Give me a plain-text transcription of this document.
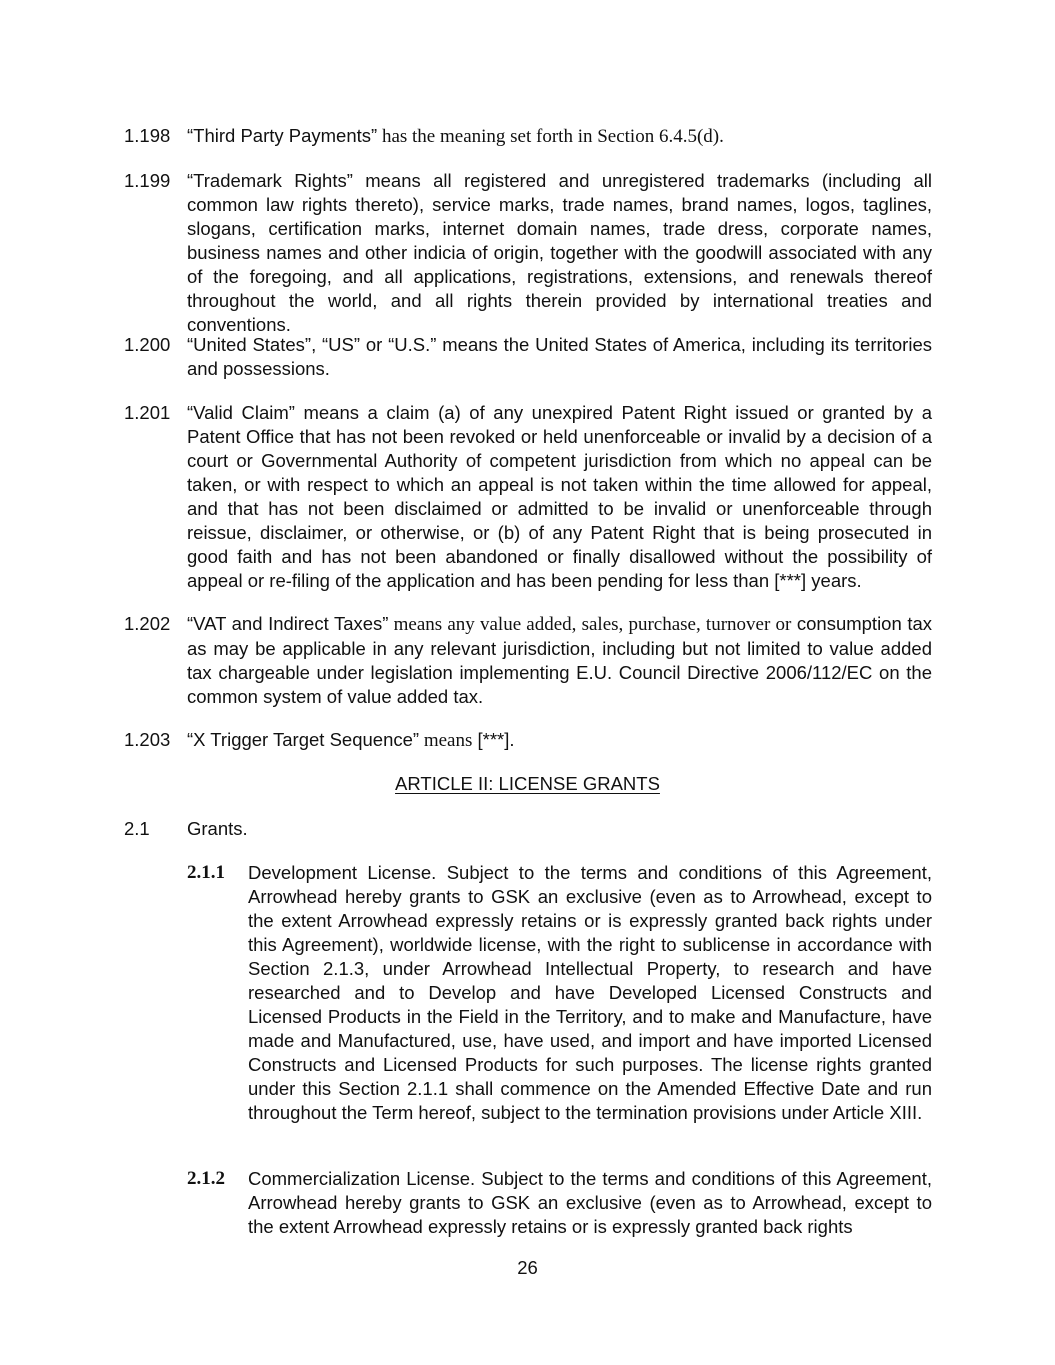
1.198 “Third Party Payments” has the meaning set forth in Section 6.4.5(d).
1.199 “Trademark Rights” means all registered and unregistered trademarks (including all common law rights thereto), service marks, trade names, brand names, logos, taglines, slogans, certification marks, internet domain names, trade dress, corporate names, business names and other indicia of origin, together with the goodwill associated with any of the foregoing, and all applications, registrations, extensions, and renewals thereof throughout the world, and all rights therein provided by international treaties and conventions.
1.200 “United States”, “US” or “U.S.” means the United States of America, including its territories and possessions.
1.201 “Valid Claim” means a claim (a) of any unexpired Patent Right issued or granted by a Patent Office that has not been revoked or held unenforceable or invalid by a decision of a court or Governmental Authority of competent jurisdiction from which no appeal can be taken, or with respect to which an appeal is not taken within the time allowed for appeal, and that has not been disclaimed or admitted to be invalid or unenforceable through reissue, disclaimer, or otherwise, or (b) of any Patent Right that is being prosecuted in good faith and has not been abandoned or finally disallowed without the possibility of appeal or re-filing of the application and has been pending for less than [***] years.
1.202 “VAT and Indirect Taxes” means any value added, sales, purchase, turnover or consumption tax as may be applicable in any relevant jurisdiction, including but not limited to value added tax chargeable under legislation implementing E.U. Council Directive 2006/112/EC on the common system of value added tax.
1.203 “X Trigger Target Sequence” means [***].
ARTICLE II: LICENSE GRANTS
2.1 Grants.
2.1.1 Development License. Subject to the terms and conditions of this Agreement, Arrowhead hereby grants to GSK an exclusive (even as to Arrowhead, except to the extent Arrowhead expressly retains or is expressly granted back rights under this Agreement), worldwide license, with the right to sublicense in accordance with Section 2.1.3, under Arrowhead Intellectual Property, to research and have researched and to Develop and have Developed Licensed Constructs and Licensed Products in the Field in the Territory, and to make and Manufacture, have made and Manufactured, use, have used, and import and have imported Licensed Constructs and Licensed Products for such purposes. The license rights granted under this Section 2.1.1 shall commence on the Amended Effective Date and run throughout the Term hereof, subject to the termination provisions under Article XIII.
2.1.2 Commercialization License. Subject to the terms and conditions of this Agreement, Arrowhead hereby grants to GSK an exclusive (even as to Arrowhead, except to the extent Arrowhead expressly retains or is expressly granted back rights
26
